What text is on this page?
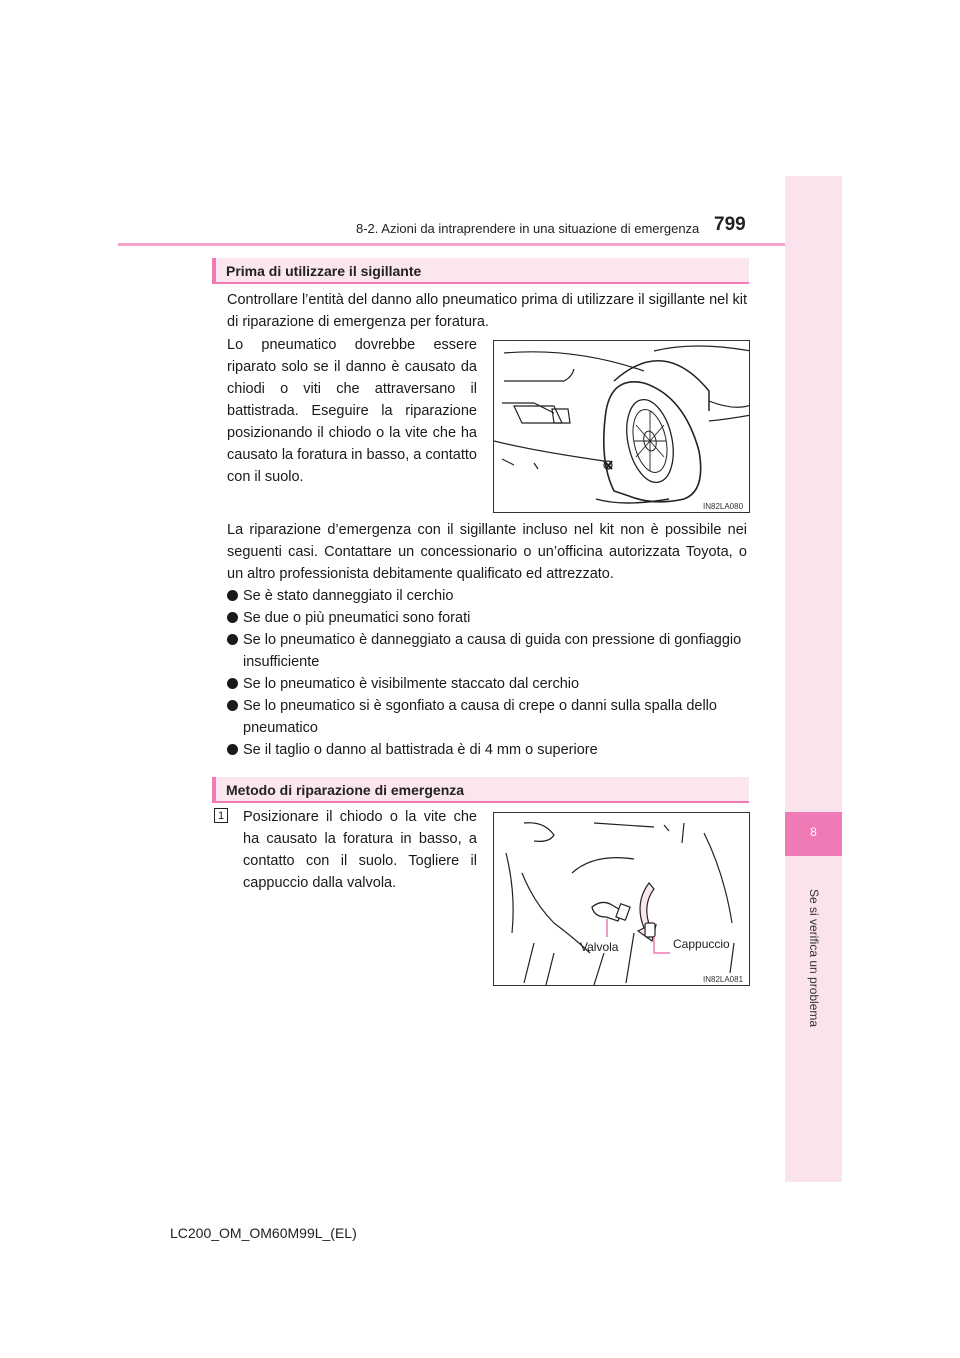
8-2. Azioni da intraprendere in una situazione di emergenza 799
8
Se si verifica un problema
Prima di utilizzare il sigillante
Controllare l’entità del danno allo pneumatico prima di utilizzare il sigillante nel kit di riparazione di emergenza per foratura.
Lo pneumatico dovrebbe essere riparato solo se il danno è causato da chiodi o viti che attraversano il battistrada. Eseguire la riparazione posizionando il chiodo o la vite che ha causato la foratura in basso, a contatto con il suolo.
IN82LA080
La riparazione d’emergenza con il sigillante incluso nel kit non è possibile nei seguenti casi. Contattare un concessionario o un’officina autorizzata Toyota, o un altro professionista debitamente qualificato ed attrezzato.
Se è stato danneggiato il cerchio
Se due o più pneumatici sono forati
Se lo pneumatico è danneggiato a causa di guida con pressione di gonfiaggio insufficiente
Se lo pneumatico è visibilmente staccato dal cerchio
Se lo pneumatico si è sgonfiato a causa di crepe o danni sulla spalla dello pneumatico
Se il taglio o danno al battistrada è di 4 mm o superiore
Metodo di riparazione di emergenza
1 Posizionare il chiodo o la vite che ha causato la foratura in basso, a contatto con il suolo. Togliere il cappuccio dalla valvola.
Valvola	Cappuccio
IN82LA081
LC200_OM_OM60M99L_(EL)
